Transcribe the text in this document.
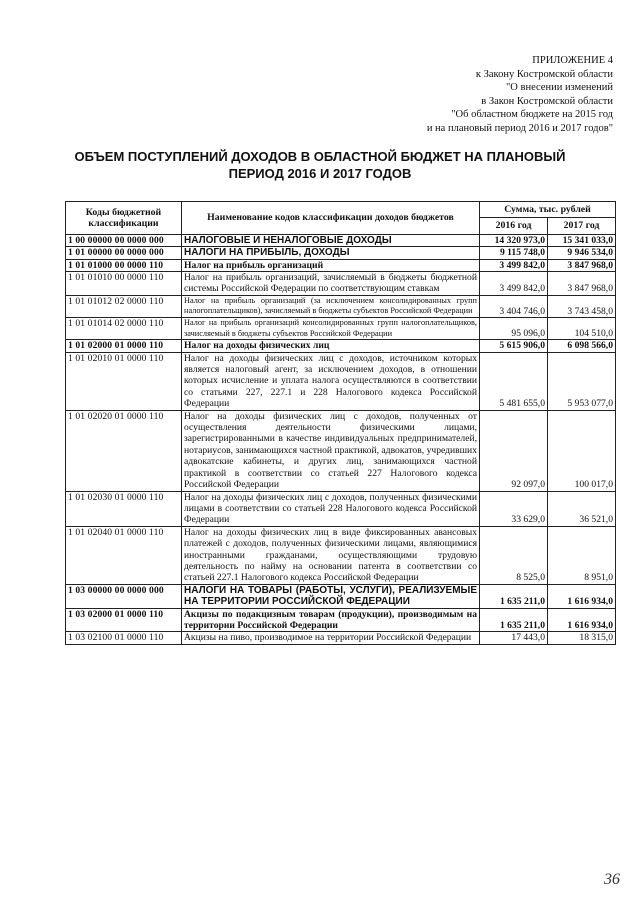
ПРИЛОЖЕНИЕ 4
к Закону Костромской области
"О внесении изменений
в Закон Костромской области
"Об областном бюджете на 2015 год
и на плановый период 2016 и 2017 годов"
ОБЪЕМ ПОСТУПЛЕНИЙ ДОХОДОВ В ОБЛАСТНОЙ БЮДЖЕТ НА ПЛАНОВЫЙ
ПЕРИОД 2016 И 2017 ГОДОВ
Коды бюджетной классификации	Наименование кодов классификации доходов бюджетов	Сумма, тыс. рублей	
		2016 год	2017 год
1 00 00000 00 0000 000	НАЛОГОВЫЕ И НЕНАЛОГОВЫЕ ДОХОДЫ	14 320 973,0	15 341 033,0
1 01 00000 00 0000 000	НАЛОГИ НА ПРИБЫЛЬ, ДОХОДЫ	9 115 748,0	9 946 534,0
1 01 01000 00 0000 110	Налог на прибыль организаций	3 499 842,0	3 847 968,0
1 01 01010 00 0000 110	Налог на прибыль организаций, зачисляемый в бюджеты бюджетной системы Российской Федерации по соответствующим ставкам	3 499 842,0	3 847 968,0
1 01 01012 02 0000 110	Налог на прибыль организаций (за исключением консолидированных групп налогоплательщиков), зачисляемый в бюджеты субъектов Российской Федерации	3 404 746,0	3 743 458,0
1 01 01014 02 0000 110	Налог на прибыль организаций консолидированных групп налогоплательщиков, зачисляемый в бюджеты субъектов Российской Федерации	95 096,0	104 510,0
1 01 02000 01 0000 110	Налог на доходы физических лиц	5 615 906,0	6 098 566,0
1 01 02010 01 0000 110	Налог на доходы физических лиц с доходов, источником которых является налоговый агент, за исключением доходов, в отношении которых исчисление и уплата налога осуществляются в соответствии со статьями 227, 227.1 и 228 Налогового кодекса Российской Федерации	5 481 655,0	5 953 077,0
1 01 02020 01 0000 110	Налог на доходы физических лиц с доходов, полученных от осуществления деятельности физическими лицами, зарегистрированными в качестве индивидуальных предпринимателей, нотариусов, занимающихся частной практикой, адвокатов, учредивших адвокатские кабинеты, и других лиц, занимающихся частной практикой в соответствии со статьей 227 Налогового кодекса Российской Федерации	92 097,0	100 017,0
1 01 02030 01 0000 110	Налог на доходы физических лиц с доходов, полученных физическими лицами в соответствии со статьей 228 Налогового кодекса Российской Федерации	33 629,0	36 521,0
1 01 02040 01 0000 110	Налог на доходы физических лиц в виде фиксированных авансовых платежей с доходов, полученных физическими лицами, являющимися иностранными гражданами, осуществляющими трудовую деятельность по найму на основании патента в соответствии со статьей 227.1 Налогового кодекса Российской Федерации	8 525,0	8 951,0
1 03 00000 00 0000 000	НАЛОГИ НА ТОВАРЫ (РАБОТЫ, УСЛУГИ), РЕАЛИЗУЕМЫЕ НА ТЕРРИТОРИИ РОССИЙСКОЙ ФЕДЕРАЦИИ	1 635 211,0	1 616 934,0
1 03 02000 01 0000 110	Акцизы по подакцизным товарам (продукции), производимым на территории Российской Федерации	1 635 211,0	1 616 934,0
1 03 02100 01 0000 110	Акцизы на пиво, производимое на территории Российской Федерации	17 443,0	18 315,0
36
